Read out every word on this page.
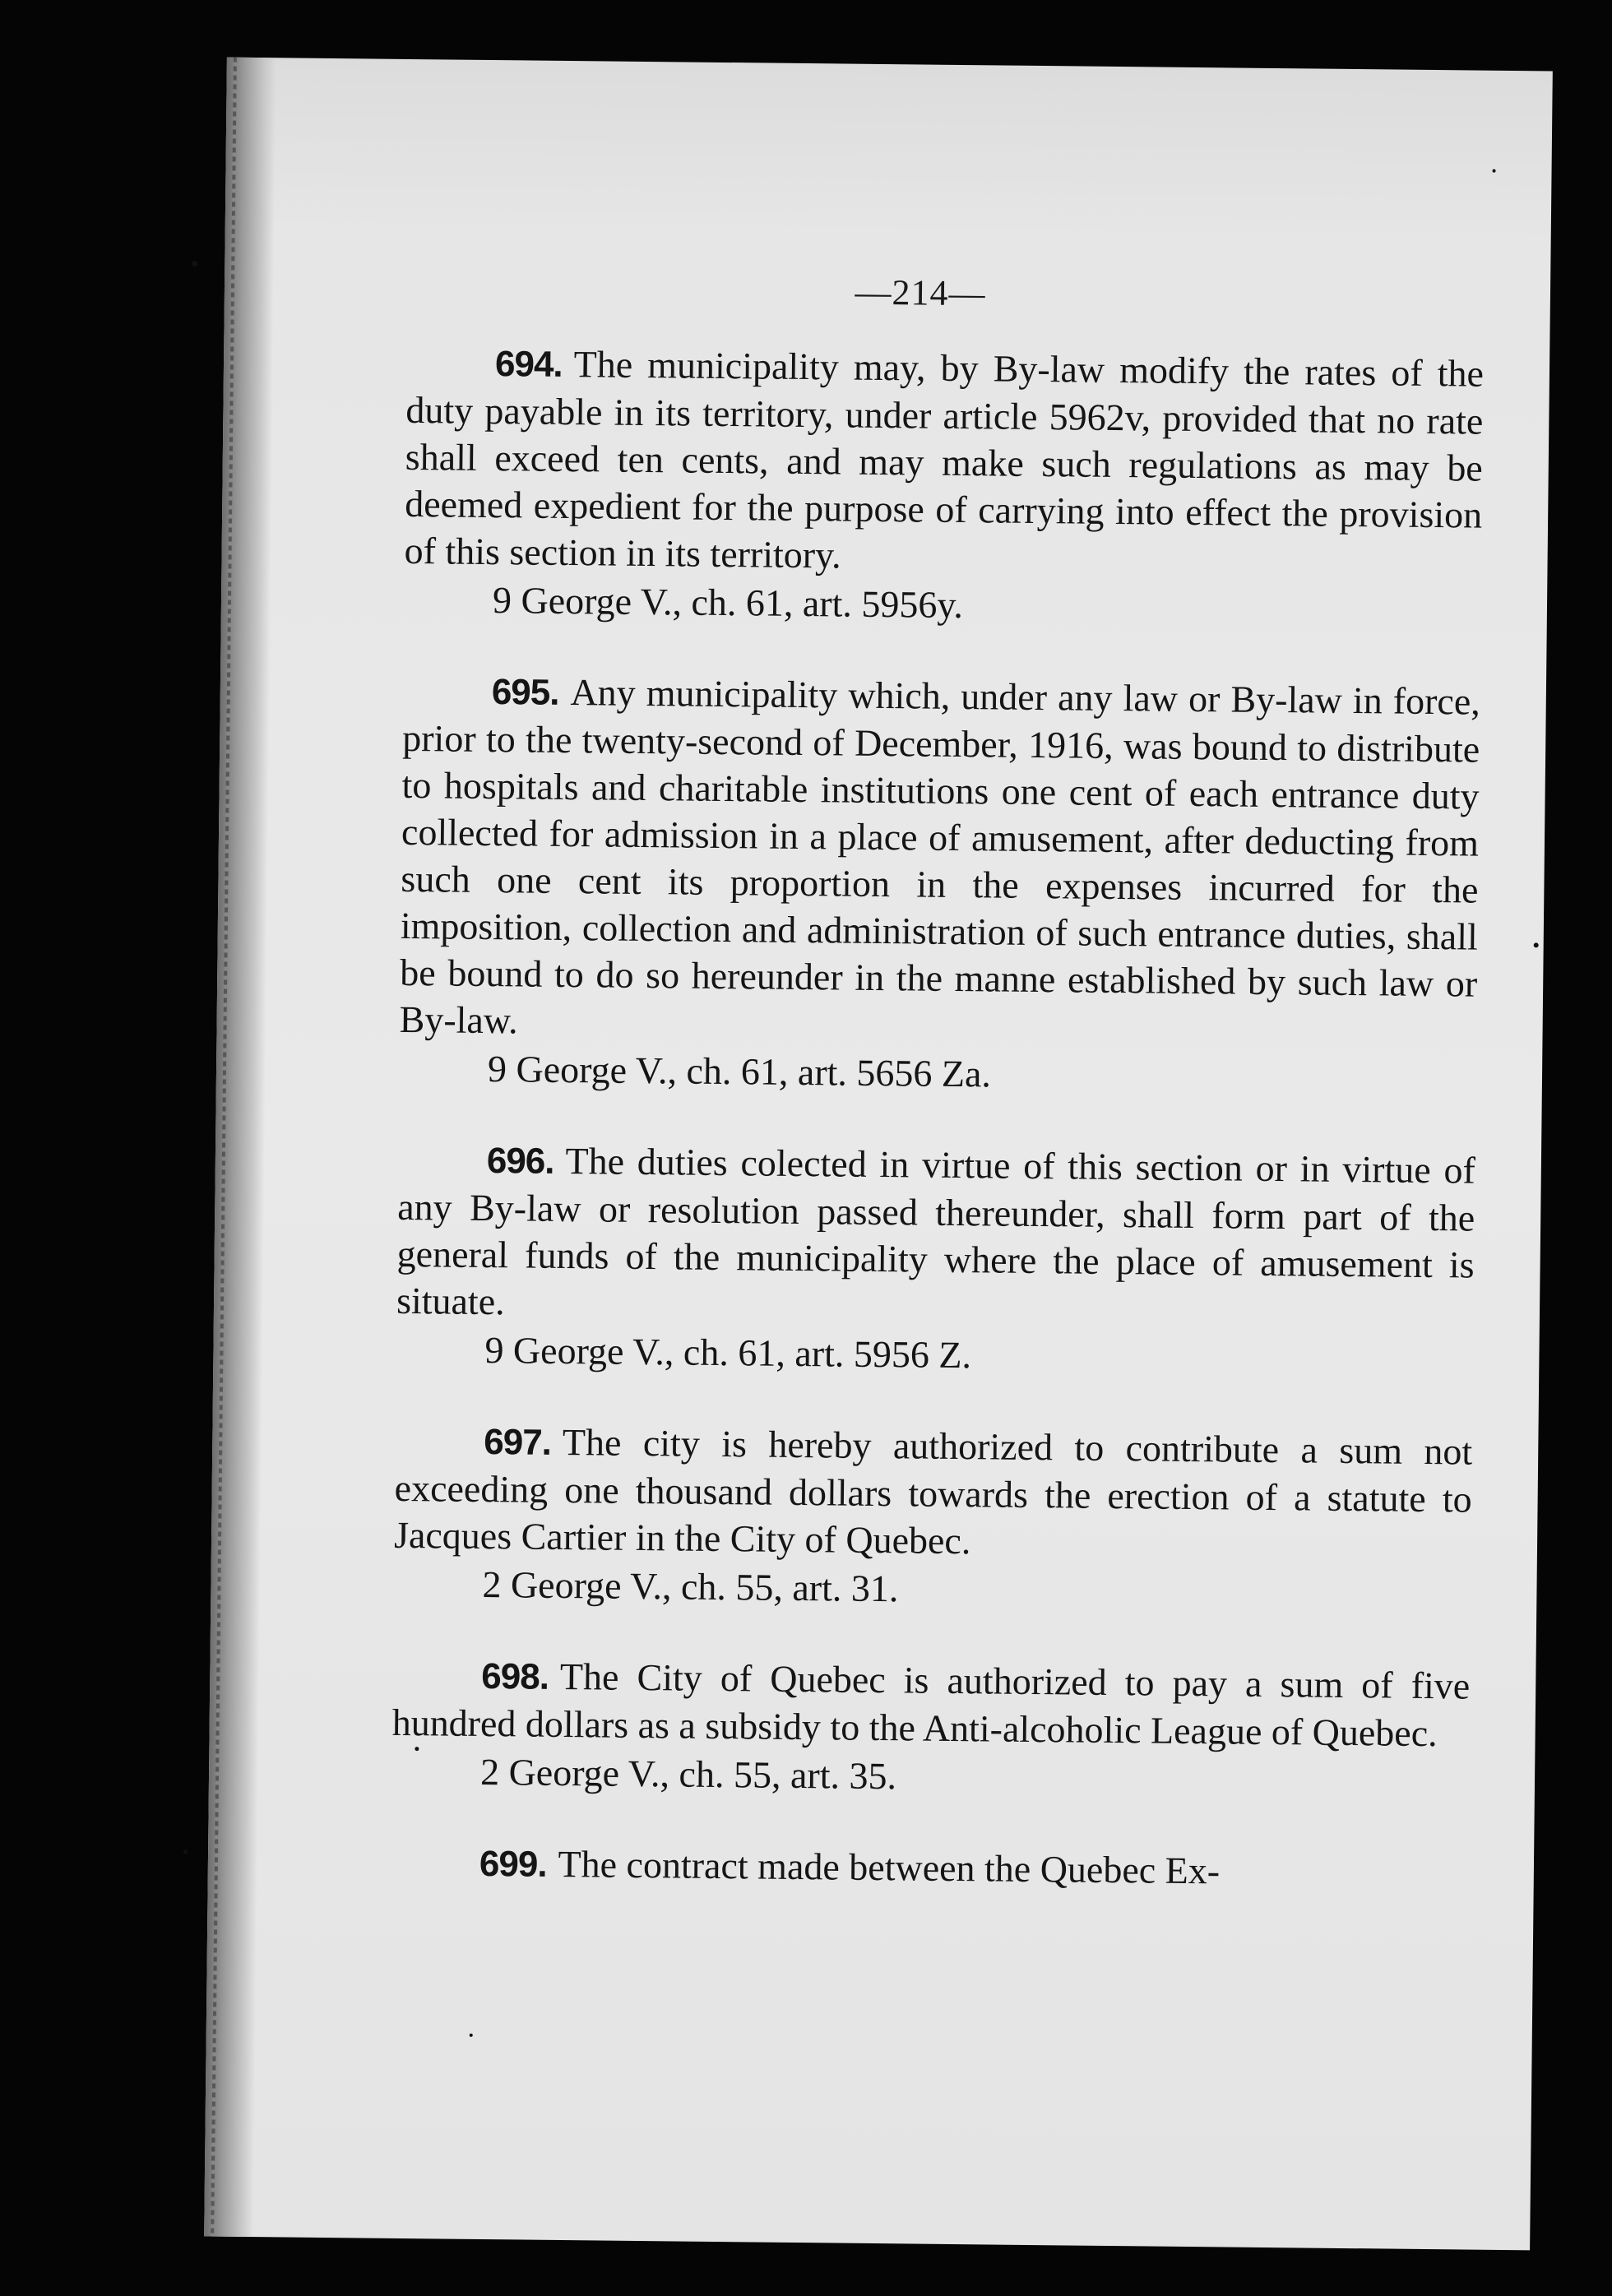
—214—

694. The municipality may, by By-law modify the rates of the duty payable in its territory, under article 5962v, provided that no rate shall exceed ten cents, and may make such regulations as may be deemed expedient for the purpose of carrying into effect the provision of this section in its territory.

9 George V., ch. 61, art. 5956y.

695. Any municipality which, under any law or By-law in force, prior to the twenty-second of December, 1916, was bound to distribute to hospitals and charitable institutions one cent of each entrance duty collected for admission in a place of amusement, after deducting from such one cent its proportion in the expenses incurred for the imposition, collection and administration of such entrance duties, shall be bound to do so hereunder in the manne established by such law or By-law.

9 George V., ch. 61, art. 5656 Za.

696. The duties colected in virtue of this section or in virtue of any By-law or resolution passed thereunder, shall form part of the general funds of the municipality where the place of amusement is situate.

9 George V., ch. 61, art. 5956 Z.

697. The city is hereby authorized to contribute a sum not exceeding one thousand dollars towards the erection of a statute to Jacques Cartier in the City of Quebec.

2 George V., ch. 55, art. 31.

698. The City of Quebec is authorized to pay a sum of five hundred dollars as a subsidy to the Anti-alcoholic League of Quebec.

2 George V., ch. 55, art. 35.

699. The contract made between the Quebec Ex-
